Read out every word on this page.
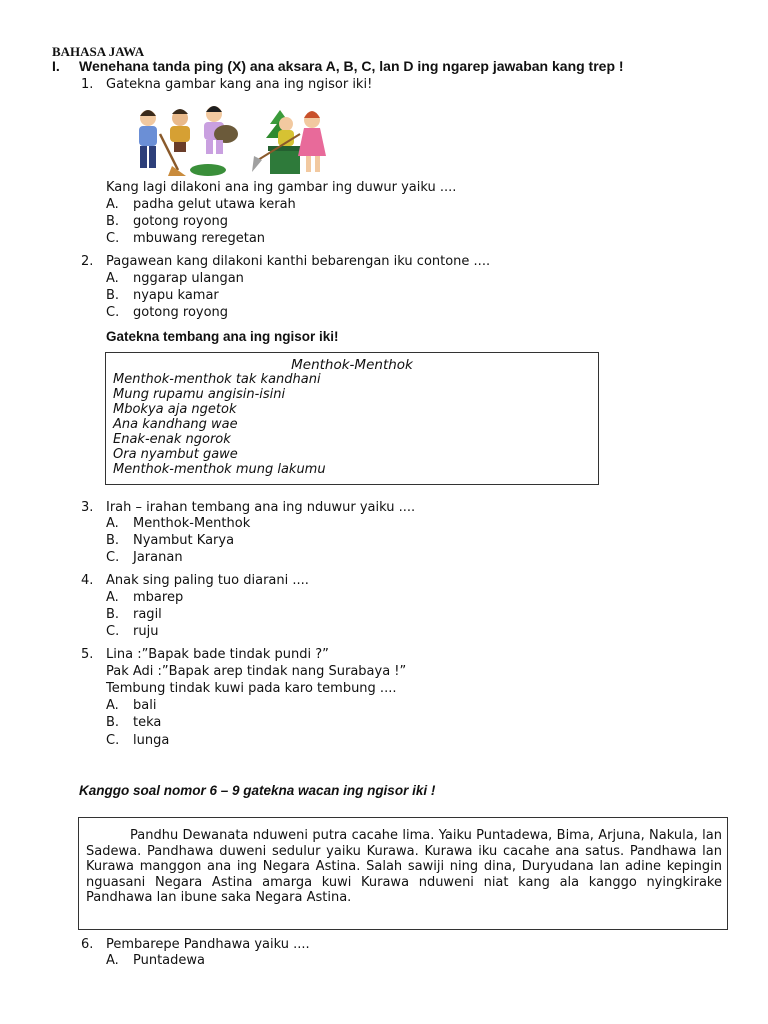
BAHASA JAWA
I. Wenehana tanda ping (X) ana aksara A, B, C, lan D ing ngarep jawaban kang trep !
1. Gatekna gambar kang ana ing ngisor iki!
Kang lagi dilakoni ana ing gambar ing duwur yaiku ....
A. padha gelut utawa kerah
B. gotong royong
C. mbuwang reregetan
2. Pagawean kang dilakoni kanthi bebarengan iku contone ....
A. nggarap ulangan
B. nyapu kamar
C. gotong royong
Gatekna tembang ana ing ngisor iki!
Menthok-Menthok
Menthok-menthok tak kandhani
Mung rupamu angisin-isini
Mbokya aja ngetok
Ana kandhang wae
Enak-enak ngorok
Ora nyambut gawe
Menthok-menthok mung lakumu
3. Irah – irahan tembang ana ing nduwur yaiku ....
A. Menthok-Menthok
B. Nyambut Karya
C. Jaranan
4. Anak sing paling tuo diarani ....
A. mbarep
B. ragil
C. ruju
5. Lina :”Bapak bade tindak pundi ?”
Pak Adi :”Bapak arep tindak nang Surabaya !”
Tembung tindak kuwi pada karo tembung ....
A. bali
B. teka
C. lunga
Kanggo soal nomor 6 – 9 gatekna wacan ing ngisor iki !

Pandhu Dewanata nduweni putra cacahe lima. Yaiku Puntadewa, Bima, Arjuna, Nakula, lan Sadewa. Pandhawa duweni sedulur yaiku Kurawa. Kurawa iku cacahe ana satus. Pandhawa lan Kurawa manggon ana ing Negara Astina. Salah sawiji ning dina, Duryudana lan adine kepingin nguasani Negara Astina amarga kuwi Kurawa nduweni niat kang ala kanggo nyingkirake Pandhawa lan ibune saka Negara Astina.

6. Pembarepe Pandhawa yaiku ....
A. Puntadewa
